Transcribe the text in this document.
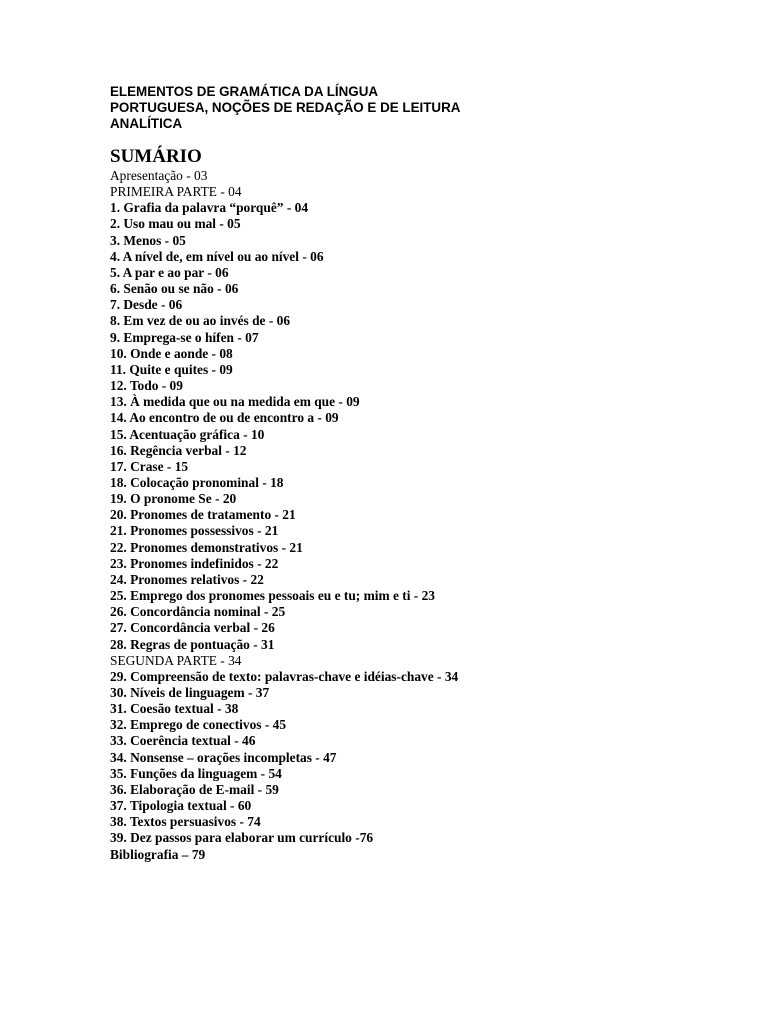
ELEMENTOS DE GRAMÁTICA DA LÍNGUA
PORTUGUESA, NOÇÕES DE REDAÇÃO E DE LEITURA
ANALÍTICA
SUMÁRIO
Apresentação - 03
PRIMEIRA PARTE - 04
1. Grafia da palavra “porquê” - 04
2. Uso mau ou mal - 05
3. Menos - 05
4. A nível de, em nível ou ao nível - 06
5. A par e ao par - 06
6. Senão ou se não - 06
7. Desde - 06
8. Em vez de ou ao invés de - 06
9. Emprega-se o hífen - 07
10. Onde e aonde - 08
11. Quite e quites - 09
12. Todo - 09
13. À medida que ou na medida em que - 09
14. Ao encontro de ou de encontro a - 09
15. Acentuação gráfica - 10
16. Regência verbal - 12
17. Crase - 15
18. Colocação pronominal - 18
19. O pronome Se - 20
20. Pronomes de tratamento - 21
21. Pronomes possessivos - 21
22. Pronomes demonstrativos - 21
23. Pronomes indefinidos - 22
24. Pronomes relativos - 22
25. Emprego dos pronomes pessoais eu e tu; mim e ti - 23
26. Concordância nominal - 25
27. Concordância verbal - 26
28. Regras de pontuação - 31
SEGUNDA PARTE - 34
29. Compreensão de texto: palavras-chave e idéias-chave - 34
30. Níveis de linguagem - 37
31. Coesão textual - 38
32. Emprego de conectivos - 45
33. Coerência textual - 46
34. Nonsense – orações incompletas - 47
35. Funções da linguagem - 54
36. Elaboração de E-mail - 59
37. Tipologia textual - 60
38. Textos persuasivos - 74
39. Dez passos para elaborar um currículo -76
Bibliografia – 79
